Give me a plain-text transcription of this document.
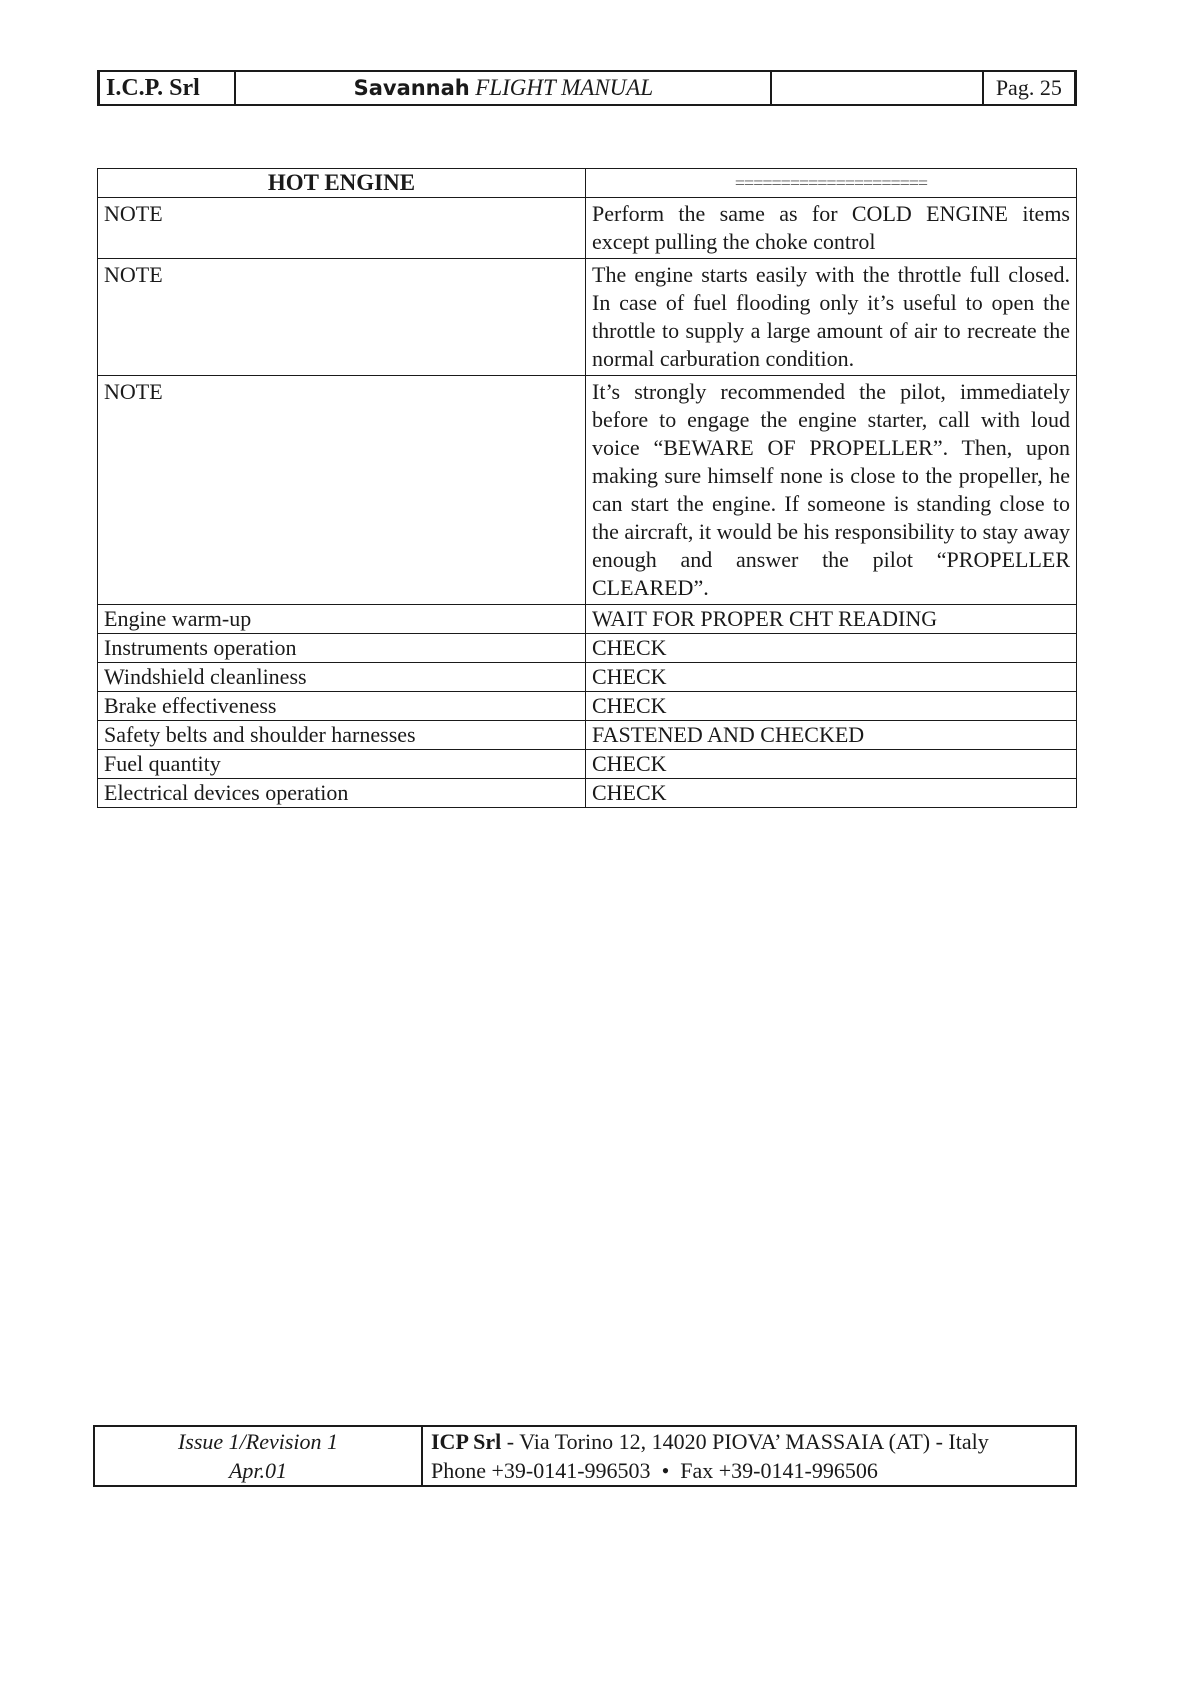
I.C.P. Srl	Savannah FLIGHT MANUAL		Pag. 25
HOT ENGINE	=====================
NOTE	Perform the same as for COLD ENGINE items except pulling the choke control
NOTE	The engine starts easily with the throttle full closed. In case of fuel flooding only it’s useful to open the throttle to supply a large amount of air to recreate the normal carburation condition.
NOTE	It’s strongly recommended the pilot, immediately before to engage the engine starter, call with loud voice “BEWARE OF PROPELLER”. Then, upon making sure himself none is close to the propeller, he can start the engine. If someone is standing close to the aircraft, it would be his responsibility to stay away enough and answer the pilot “PROPELLER CLEARED”.
Engine warm-up	WAIT FOR PROPER CHT READING
Instruments operation	CHECK
Windshield cleanliness	CHECK
Brake effectiveness	CHECK
Safety belts and shoulder harnesses	FASTENED AND CHECKED
Fuel quantity	CHECK
Electrical devices operation	CHECK
Issue 1/Revision 1
Apr.01

ICP Srl - Via Torino 12, 14020 PIOVA’ MASSAIA (AT) - Italy
Phone +39-0141-996503 • Fax +39-0141-996506
